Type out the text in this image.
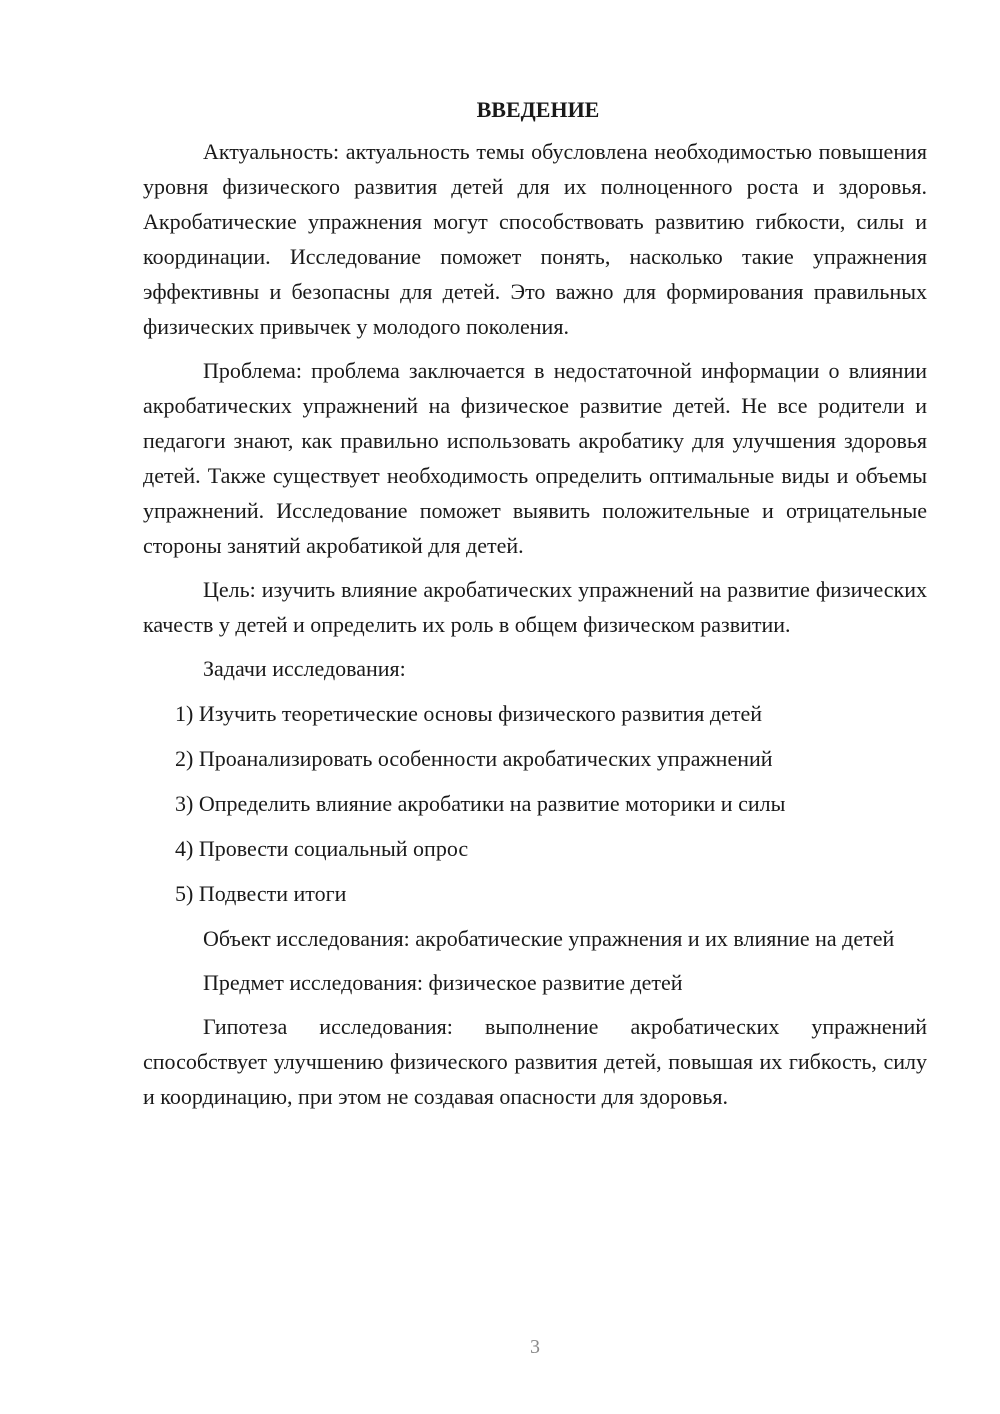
ВВЕДЕНИЕ

Актуальность: актуальность темы обусловлена необходимостью повышения уровня физического развития детей для их полноценного роста и здоровья. Акробатические упражнения могут способствовать развитию гибкости, силы и координации. Исследование поможет понять, насколько такие упражнения эффективны и безопасны для детей. Это важно для формирования правильных физических привычек у молодого поколения.

Проблема: проблема заключается в недостаточной информации о влиянии акробатических упражнений на физическое развитие детей. Не все родители и педагоги знают, как правильно использовать акробатику для улучшения здоровья детей. Также существует необходимость определить оптимальные виды и объемы упражнений. Исследование поможет выявить положительные и отрицательные стороны занятий акробатикой для детей.

Цель: изучить влияние акробатических упражнений на развитие физических качеств у детей и определить их роль в общем физическом развитии.

Задачи исследования:

1) Изучить теоретические основы физического развития детей

2) Проанализировать особенности акробатических упражнений

3) Определить влияние акробатики на развитие моторики и силы

4) Провести социальный опрос

5) Подвести итоги

Объект исследования: акробатические упражнения и их влияние на детей

Предмет исследования: физическое развитие детей

Гипотеза исследования: выполнение акробатических упражнений способствует улучшению физического развития детей, повышая их гибкость, силу и координацию, при этом не создавая опасности для здоровья.

3
